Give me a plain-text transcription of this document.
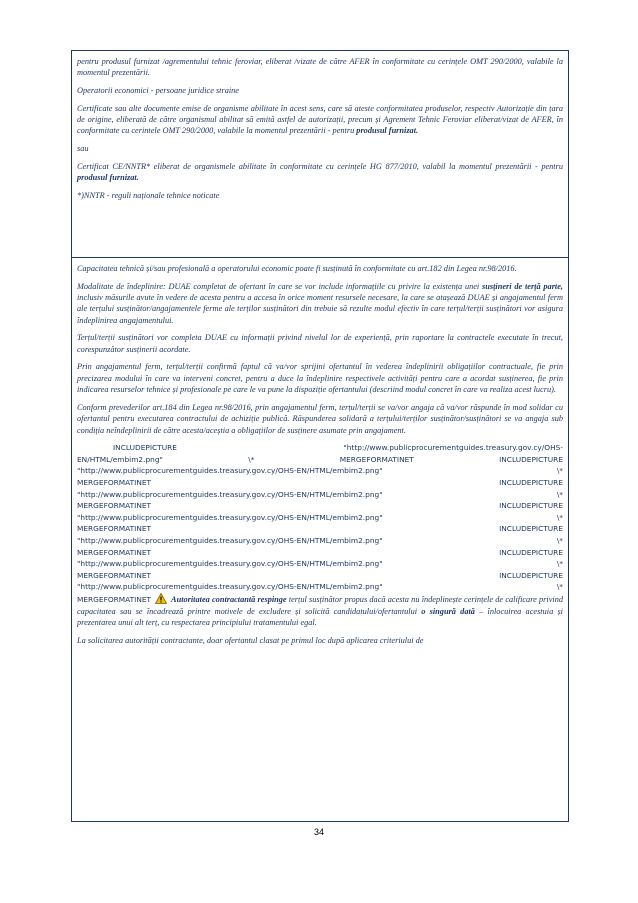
pentru produsul furnizat /agrementului tehnic feroviar, eliberat /vizate de către AFER în conformitate cu cerințele OMT 290/2000, valabile la momentul prezentării.

Operatorii economici - persoane juridice straine

Certificate sau alte documente emise de organisme abilitate în acest sens, care să ateste conformitatea produselor, respectiv Autorizație din țara de origine, eliberată de către organismul abilitat să emită astfel de autorizații, precum și Agrement Tehnic Feroviar eliberat/vizat de AFER, în conformitate cu cerintele OMT 290/2000, valabile la momentul prezentării - pentru produsul furnizat.

sau

Certificat CE/NNTR* eliberat de organismele abilitate în conformitate cu cerințele HG 877/2010, valabil la momentul prezentării - pentru produsul furnizat.

*)NNTR - reguli naționale tehnice noticate

Capacitatea tehnică și/sau profesională a operatorului economic poate fi susținută în conformitate cu art.182 din Legea nr.98/2016.

Modalitate de îndeplinire: DUAE completat de ofertant în care se vor include informațiile cu privire la existența unei susțineri de terță parte, inclusiv măsurile avute în vedere de acesta pentru a accesa în orice moment resursele necesare, la care se atașează DUAE și angajamentul ferm ale terțului susținător/angajamentele ferme ale terților susținători din trebuie să rezulte modul efectiv în care terțul/terții susținători vor asigura îndeplinirea angajamentului.

Terțul/terții susținători vor completa DUAE cu informații privind nivelul lor de experiență, prin raportare la contractele executate în trecut, corespunzător susținerii acordate.

Prin angajamentul ferm, terțul/terții confirmă faptul că va/vor sprijini ofertantul în vederea îndeplinirii obligațiilor contractuale, fie prin precizarea modului în care va interveni concret, pentru a duce la îndeplinire respectivele activități pentru care a acordat susținerea, fie prin indicarea resurselor tehnice și profesionale pe care le va pune la dispoziție ofertantului (descriind modul concret în care va realiza acest lucru).

Conform prevederilor art.184 din Legea nr.98/2016, prin angajamentul ferm, terțul/terții se va/vor angaja că va/vor răspunde în mod solidar cu ofertantul pentru executarea contractului de achiziție publică. Răspunderea solidară a terțului/terților susținător/susținători se va angaja sub condiția neîndeplinirii de către acesta/aceștia a obligațiilor de susținere asumate prin angajament.

INCLUDEPICTURE	"http://www.publicprocurementguides.treasury.gov.cy/OHS-
EN/HTML/embim2.png"	\*	MERGEFORMATINET	INCLUDEPICTURE
"http://www.publicprocurementguides.treasury.gov.cy/OHS-EN/HTML/embim2.png"	\*
MERGEFORMATINET	INCLUDEPICTURE
"http://www.publicprocurementguides.treasury.gov.cy/OHS-EN/HTML/embim2.png"	\*
MERGEFORMATINET	INCLUDEPICTURE
"http://www.publicprocurementguides.treasury.gov.cy/OHS-EN/HTML/embim2.png"	\*
MERGEFORMATINET	INCLUDEPICTURE
"http://www.publicprocurementguides.treasury.gov.cy/OHS-EN/HTML/embim2.png"	\*
MERGEFORMATINET	INCLUDEPICTURE
"http://www.publicprocurementguides.treasury.gov.cy/OHS-EN/HTML/embim2.png"	\*
MERGEFORMATINET	INCLUDEPICTURE
"http://www.publicprocurementguides.treasury.gov.cy/OHS-EN/HTML/embim2.png"	\*
MERGEFORMATINET Autoritatea contractantă respinge terțul susținător propus dacă acesta nu îndeplinește cerințele de calificare privind capacitatea sau se încadrează printre motivele de excludere și solicită candidatului/ofertantului o singură dată – înlocuirea acestuia și prezentarea unui alt terț, cu respectarea principiului tratamentului egal.

La solicitarea autorității contractante, doar ofertantul clasat pe primul loc după aplicarea criteriului de

34
